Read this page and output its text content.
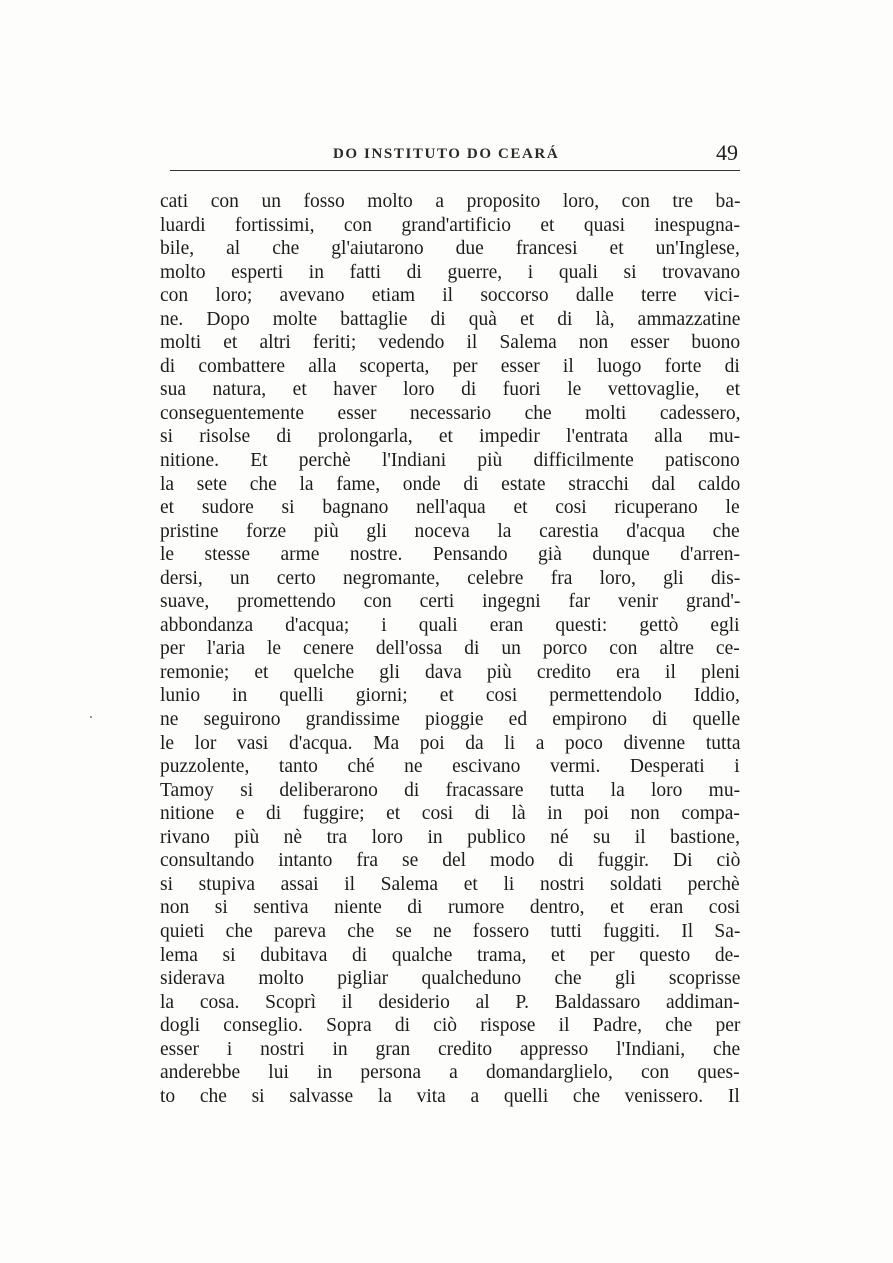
DO INSTITUTO DO CEARÁ	49
cati con un fosso molto a proposito loro, con tre ba-
luardi fortissimi, con grand'artificio et quasi inespugna-
bile, al che gl'aiutarono due francesi et un'Inglese,
molto esperti in fatti di guerre, i quali si trovavano
con loro; avevano etiam il soccorso dalle terre vici-
ne. Dopo molte battaglie di quà et di là, ammazzatine
molti et altri feriti; vedendo il Salema non esser buono
di combattere alla scoperta, per esser il luogo forte di
sua natura, et haver loro di fuori le vettovaglie, et
conseguentemente esser necessario che molti cadessero,
si risolse di prolongarla, et impedir l'entrata alla mu-
nitione. Et perchè l'Indiani più difficilmente patiscono
la sete che la fame, onde di estate stracchi dal caldo
et sudore si bagnano nell'aqua et cosi ricuperano le
pristine forze più gli noceva la carestia d'acqua che
le stesse arme nostre. Pensando già dunque d'arren-
dersi, un certo negromante, celebre fra loro, gli dis-
suave, promettendo con certi ingegni far venir grand'-
abbondanza d'acqua; i quali eran questi: gettò egli
per l'aria le cenere dell'ossa di un porco con altre ce-
remonie; et quelche gli dava più credito era il pleni
lunio in quelli giorni; et cosi permettendolo Iddio,
ne seguirono grandissime pioggie ed empirono di quelle
le lor vasi d'acqua. Ma poi da li a poco divenne tutta
puzzolente, tanto ché ne escivano vermi. Desperati i
Tamoy si deliberarono di fracassare tutta la loro mu-
nitione e di fuggire; et cosi di là in poi non compa-
rivano più nè tra loro in publico né su il bastione,
consultando intanto fra se del modo di fuggir. Di ciò
si stupiva assai il Salema et li nostri soldati perchè
non si sentiva niente di rumore dentro, et eran cosi
quieti che pareva che se ne fossero tutti fuggiti. Il Sa-
lema si dubitava di qualche trama, et per questo de-
siderava molto pigliar qualcheduno che gli scoprisse
la cosa. Scoprì il desiderio al P. Baldassaro addiman-
dogli conseglio. Sopra di ciò rispose il Padre, che per
esser i nostri in gran credito appresso l'Indiani, che
anderebbe lui in persona a domandarglielo, con ques-
to che si salvasse la vita a quelli che venissero. Il
